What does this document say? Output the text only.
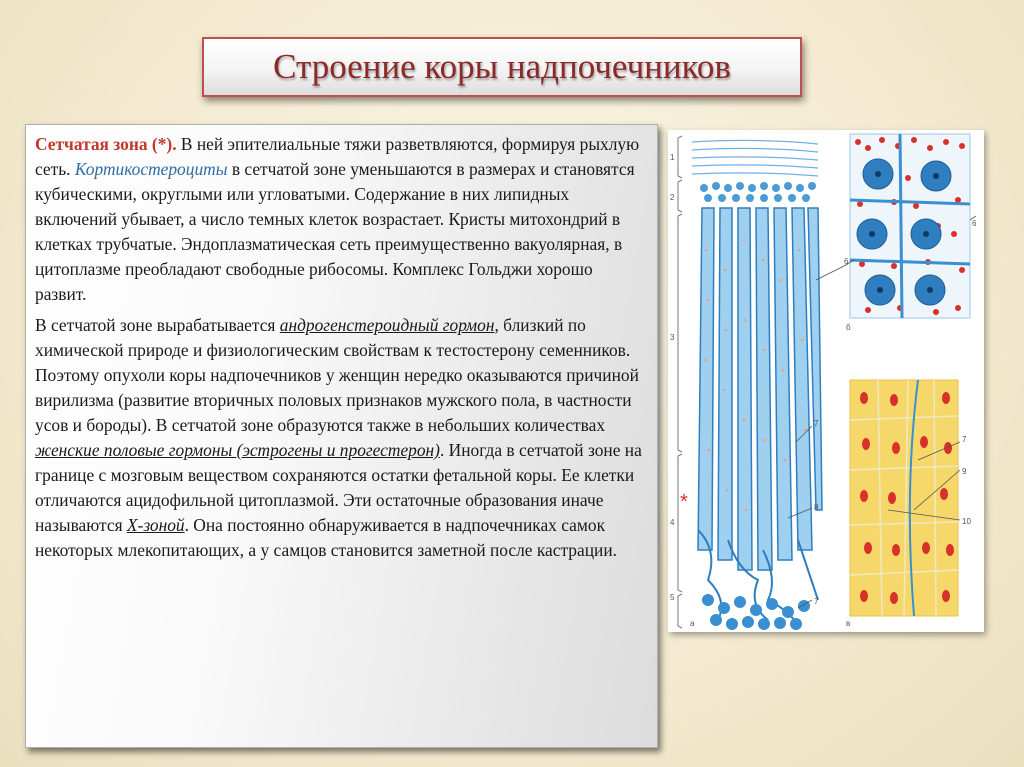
Строение коры надпочечников

Сетчатая зона (*). В ней эпителиальные тяжи разветвляются, формируя рыхлую сеть. Кортикостероциты в сетчатой зоне уменьшаются в размерах и становятся кубическими, округлыми или угловатыми. Содержание в них липидных включений убывает, а число темных клеток возрастает. Кристы митохондрий в клетках трубчатые. Эндоплазматическая сеть преимущественно вакуолярная, в цитоплазме преобладают свободные рибосомы. Комплекс Гольджи хорошо развит.

В сетчатой зоне вырабатывается андрогенстероидный гормон, близкий по химической природе и физиологическим свойствам к тестостерону семенников. Поэтому опухоли коры надпочечников у женщин нередко оказываются причиной вирилизма (развитие вторичных половых признаков мужского пола, в частности усов и бороды). В сетчатой зоне образуются также в небольших количествах женские половые гормоны (эстрогены и прогестерон). Иногда в сетчатой зоне на границе с мозговым веществом сохраняются остатки фетальной коры. Ее клетки отличаются ацидофильной цитоплазмой. Эти остаточные образования иначе называются Х-зоной. Она постоянно обнаруживается в надпочечниках самок некоторых млекопитающих, а у самцов становится заметной после кастрации.

1
2
3
4
5
*
а
б
в
6
6
7
8
7
7
9
10
